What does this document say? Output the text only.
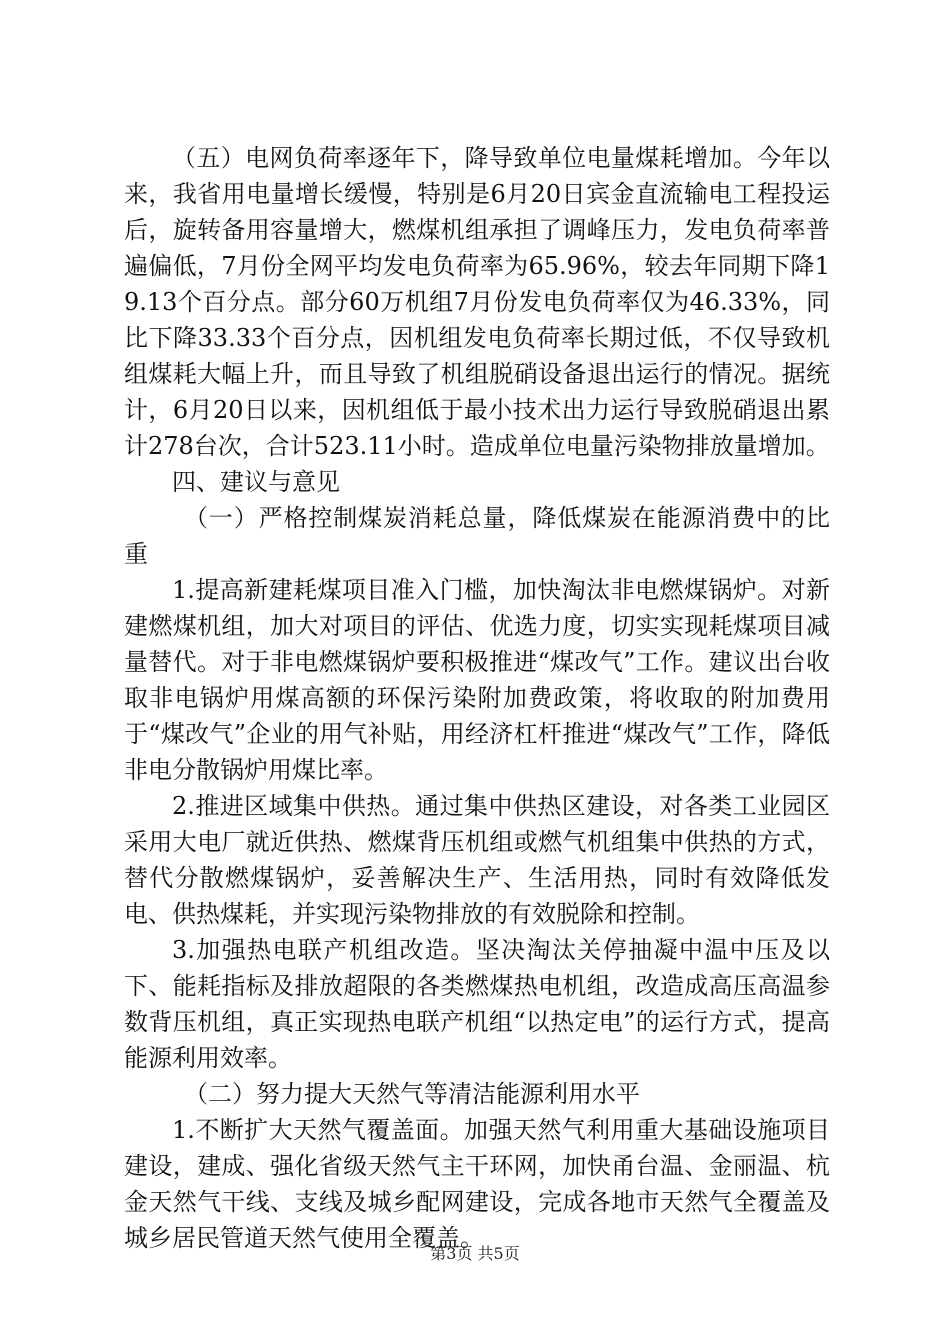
（五）电网负荷率逐年下，降导致单位电量煤耗增加。今年以来，我省用电量增长缓慢，特别是6月20日宾金直流输电工程投运后，旋转备用容量增大，燃煤机组承担了调峰压力，发电负荷率普遍偏低，7月份全网平均发电负荷率为65.96%，较去年同期下降19.13个百分点。部分60万机组7月份发电负荷率仅为46.33%，同比下降33.33个百分点，因机组发电负荷率长期过低，不仅导致机组煤耗大幅上升，而且导致了机组脱硝设备退出运行的情况。据统计，6月20日以来，因机组低于最小技术出力运行导致脱硝退出累计278台次，合计523.11小时。造成单位电量污染物排放量增加。

四、建议与意见

（一）严格控制煤炭消耗总量，降低煤炭在能源消费中的比重

1.提高新建耗煤项目准入门槛，加快淘汰非电燃煤锅炉。对新建燃煤机组，加大对项目的评估、优选力度，切实实现耗煤项目减量替代。对于非电燃煤锅炉要积极推进“煤改气”工作。建议出台收取非电锅炉用煤高额的环保污染附加费政策，将收取的附加费用于“煤改气”企业的用气补贴，用经济杠杆推进“煤改气”工作，降低非电分散锅炉用煤比率。

2.推进区域集中供热。通过集中供热区建设，对各类工业园区采用大电厂就近供热、燃煤背压机组或燃气机组集中供热的方式，替代分散燃煤锅炉，妥善解决生产、生活用热，同时有效降低发电、供热煤耗，并实现污染物排放的有效脱除和控制。

3.加强热电联产机组改造。坚决淘汰关停抽凝中温中压及以下、能耗指标及排放超限的各类燃煤热电机组，改造成高压高温参数背压机组，真正实现热电联产机组“以热定电”的运行方式，提高能源利用效率。

（二）努力提大天然气等清洁能源利用水平

1.不断扩大天然气覆盖面。加强天然气利用重大基础设施项目建设，建成、强化省级天然气主干环网，加快甬台温、金丽温、杭金天然气干线、支线及城乡配网建设，完成各地市天然气全覆盖及城乡居民管道天然气使用全覆盖。

第3页 共5页
